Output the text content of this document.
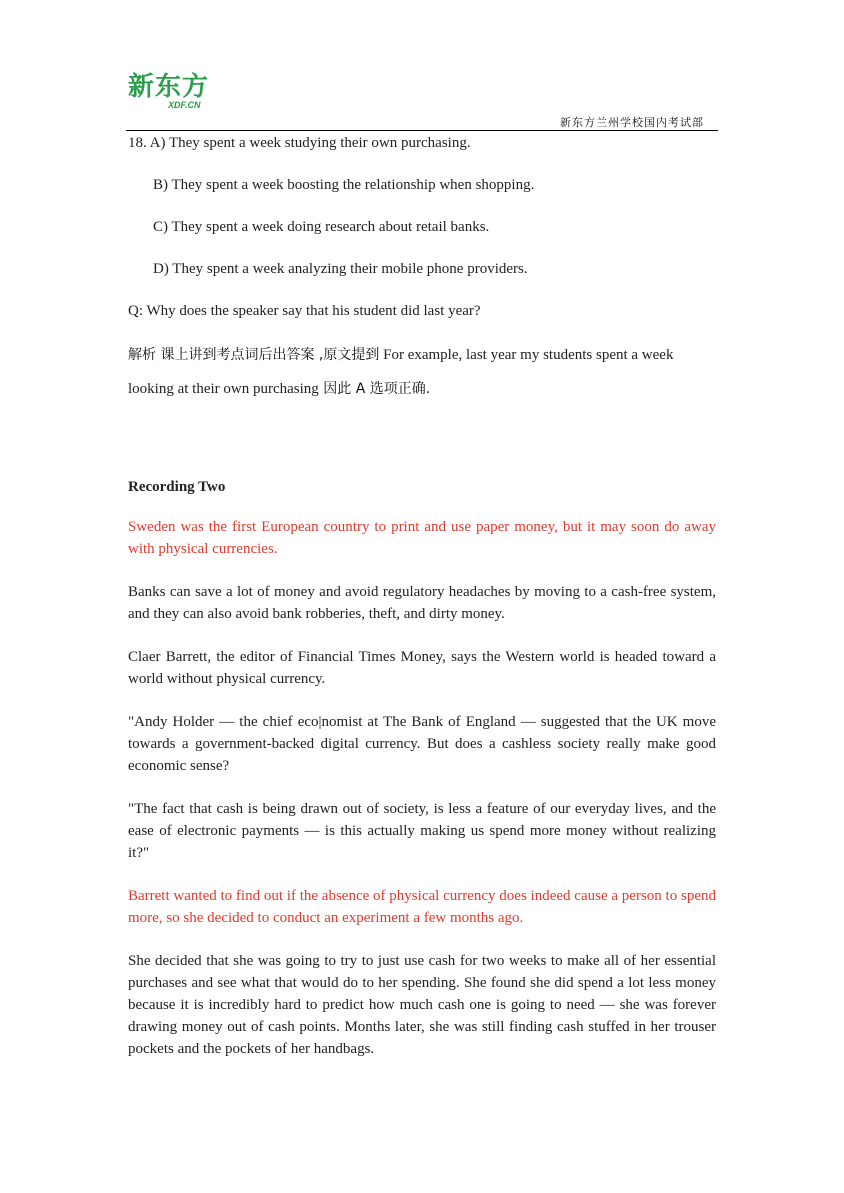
新东方
XDF.CN
新东方兰州学校国内考试部

18. A) They spent a week studying their own purchasing.

B) They spent a week boosting the relationship when shopping.

C) They spent a week doing research about retail banks.

D) They spent a week analyzing their mobile phone providers.

Q: Why does the speaker say that his student did last year?

解析 课上讲到考点词后出答案 ,原文提到 For example, last year my students spent a week looking at their own purchasing 因此 A 选项正确.

Recording Two

Sweden was the first European country to print and use paper money, but it may soon do away with physical currencies.

Banks can save a lot of money and avoid regulatory headaches by moving to a cash-free system, and they can also avoid bank robberies, theft, and dirty money.

Claer Barrett, the editor of Financial Times Money, says the Western world is headed toward a world without physical currency.

"Andy Holder — the chief eco|nomist at The Bank of England — suggested that the UK move towards a government-backed digital currency. But does a cashless society really make good economic sense?

"The fact that cash is being drawn out of society, is less a feature of our everyday lives, and the ease of electronic payments — is this actually making us spend more money without realizing it?"

Barrett wanted to find out if the absence of physical currency does indeed cause a person to spend more, so she decided to conduct an experiment a few months ago.

She decided that she was going to try to just use cash for two weeks to make all of her essential purchases and see what that would do to her spending. She found she did spend a lot less money because it is incredibly hard to predict how much cash one is going to need — she was forever drawing money out of cash points. Months later, she was still finding cash stuffed in her trouser pockets and the pockets of her handbags.
